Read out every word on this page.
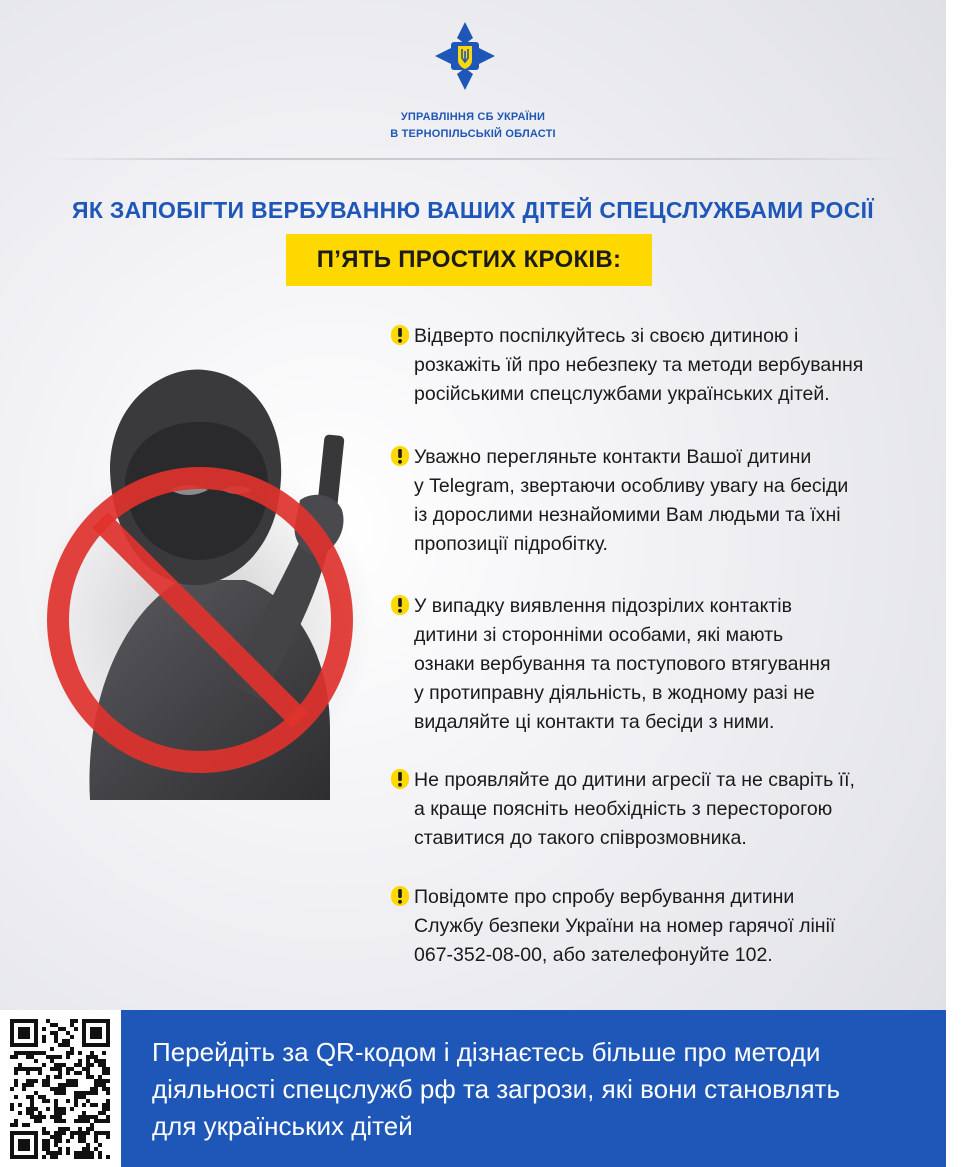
УПРАВЛІННЯ СБ УКРАЇНИ
В ТЕРНОПІЛЬСЬКІЙ ОБЛАСТІ
ЯК ЗАПОБІГТИ ВЕРБУВАННЮ ВАШИХ ДІТЕЙ СПЕЦСЛУЖБАМИ РОСІЇ
П’ЯТЬ ПРОСТИХ КРОКІВ:

Відверто поспілкуйтесь зі своєю дитиною і
розкажіть їй про небезпеку та методи вербування
російськими спецслужбами українських дітей.

Уважно перегляньте контакти Вашої дитини
у Telegram, звертаючи особливу увагу на бесіди
із дорослими незнайомими Вам людьми та їхні
пропозиції підробітку.

У випадку виявлення підозрілих контактів
дитини зі сторонніми особами, які мають
ознаки вербування та поступового втягування
у протиправну діяльність, в жодному разі не
видаляйте ці контакти та бесіди з ними.

Не проявляйте до дитини агресії та не сваріть її,
а краще поясніть необхідність з пересторогою
ставитися до такого співрозмовника.

Повідомте про спробу вербування дитини
Службу безпеки України на номер гарячої лінії
067-352-08-00, або зателефонуйте 102.

Перейдіть за QR-кодом і дізнаєтесь більше про методи
діяльності спецслужб рф та загрози, які вони становлять
для українських дітей
